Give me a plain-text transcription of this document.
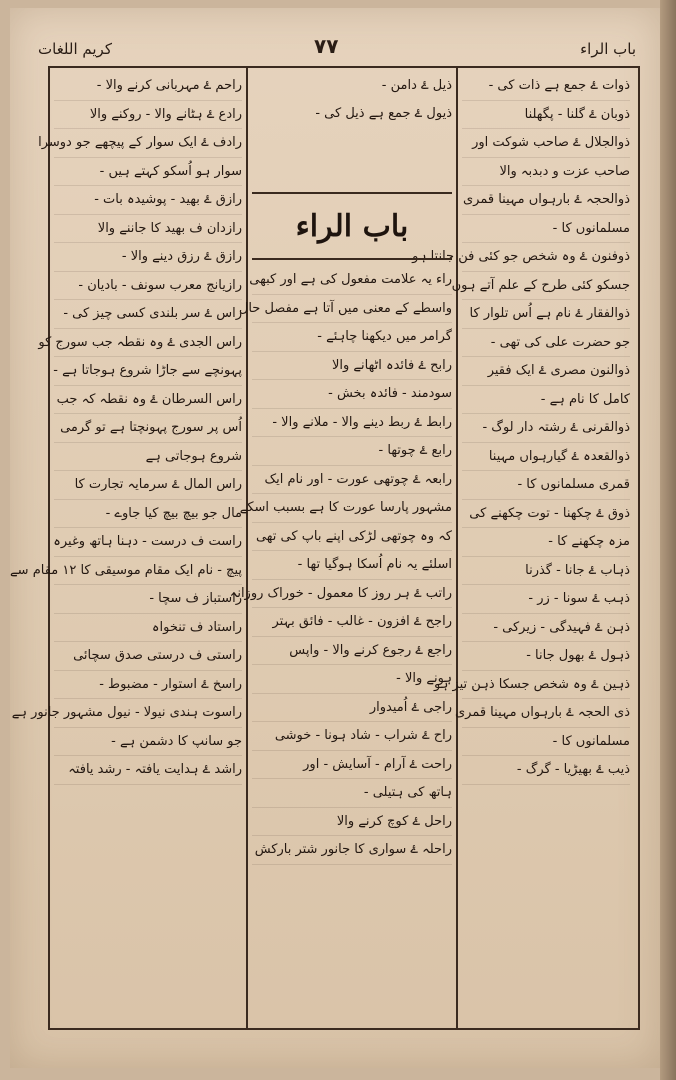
کریم اللغات	۷۷	باب الراء
ذوات ۓ جمع ہے ذات کی -
ذوبان ۓ گلنا - پگھلنا
ذوالجلال ۓ صاحب شوکت اور
صاحب عزت و دبدبہ والا
ذوالحجہ ۓ بارہواں مہینا قمری
مسلمانوں کا -
ذوفنون ۓ وہ شخص جو کئی فن جانتا ہو
جسکو کئی طرح کے علم آتے ہوں
ذوالفقار ۓ نام ہے اُس تلوار کا
جو حضرت علی کی تھی -
ذوالنون مصری ۓ ایک فقیر
کامل کا نام ہے -
ذوالقرنی ۓ رشتہ دار لوگ -
ذوالقعدہ ۓ گیارہواں مہینا
قمری مسلمانوں کا -
ذوق ۓ چکھنا - توت چکھنے کی
مزہ چکھنے کا -
ذہاب ۓ جانا - گذرنا
ذہب ۓ سونا - زر -
ذہن ۓ فہیدگی - زیرکی -
ذہول ۓ بھول جانا -
ذہین ۓ وہ شخص جسکا ذہن تیز ہو
ذی الحجہ ۓ بارہواں مہینا قمری
مسلمانوں کا -
ذیب ۓ بھیڑیا - گرگ -
ذیل ۓ دامن -
ذیول ۓ جمع ہے ذیل کی -
باب الراء
راء یہ علامت مفعول کی ہے اور کبھی
واسطے کے معنی میں آتا ہے مفصل حال
گرامر میں دیکھنا چاہئے -
رابح ۓ فائدہ اٹھانے والا
سودمند - فائدہ بخش -
رابط ۓ ربط دینے والا - ملانے والا -
رابع ۓ چوتھا -
رابعہ ۓ چوتھی عورت - اور نام ایک
مشہور پارسا عورت کا ہے بسبب اسکے
کہ وہ چوتھی لڑکی اپنے باپ کی تھی
اسلئے یہ نام اُسکا ہوگیا تھا -
راتب ۓ ہر روز کا معمول - خوراک روزانہ
راجح ۓ افزون - غالب - فائق بہتر
راجع ۓ رجوع کرنے والا - واپس
ہونے والا -
راجی ۓ اُمیدوار
راح ۓ شراب - شاد ہونا - خوشی
راحت ۓ آرام - آسایش - اور
ہاتھ کی ہتیلی -
راحل ۓ کوچ کرنے والا
راحلہ ۓ سواری کا جانور شتر بارکش
راحم ۓ مہربانی کرنے والا -
رادع ۓ ہٹانے والا - روکنے والا
رادف ۓ ایک سوار کے پیچھے جو دوسرا
سوار ہو اُسکو کہتے ہیں -
رازق ۓ بھید - پوشیدہ بات -
رازدان ف بھید کا جاننے والا
رازق ۓ رزق دینے والا -
رازیانج معرب سونف - بادیان -
راس ۓ سر بلندی کسی چیز کی -
راس الجدی ۓ وہ نقطہ جب سورج کو
پہونچے سے جاڑا شروع ہوجاتا ہے -
راس السرطان ۓ وہ نقطہ کہ جب
اُس پر سورج پہونچتا ہے تو گرمی
شروع ہوجاتی ہے
راس المال ۓ سرمایہ تجارت کا
مال جو بیچ بیچ کیا جاوے -
راست ف درست - دہنا ہاتھ وغیرہ
پیچ - نام ایک مقام موسیقی کا ۱۲ مقام سے
راستباز ف سچا -
راستاد ف تنخواہ
راستی ف درستی صدق سچائی
راسخ ۓ استوار - مضبوط -
راسوت ہندی نیولا - نیول مشہور جانور ہے
جو سانپ کا دشمن ہے -
راشد ۓ ہدایت یافتہ - رشد یافتہ
